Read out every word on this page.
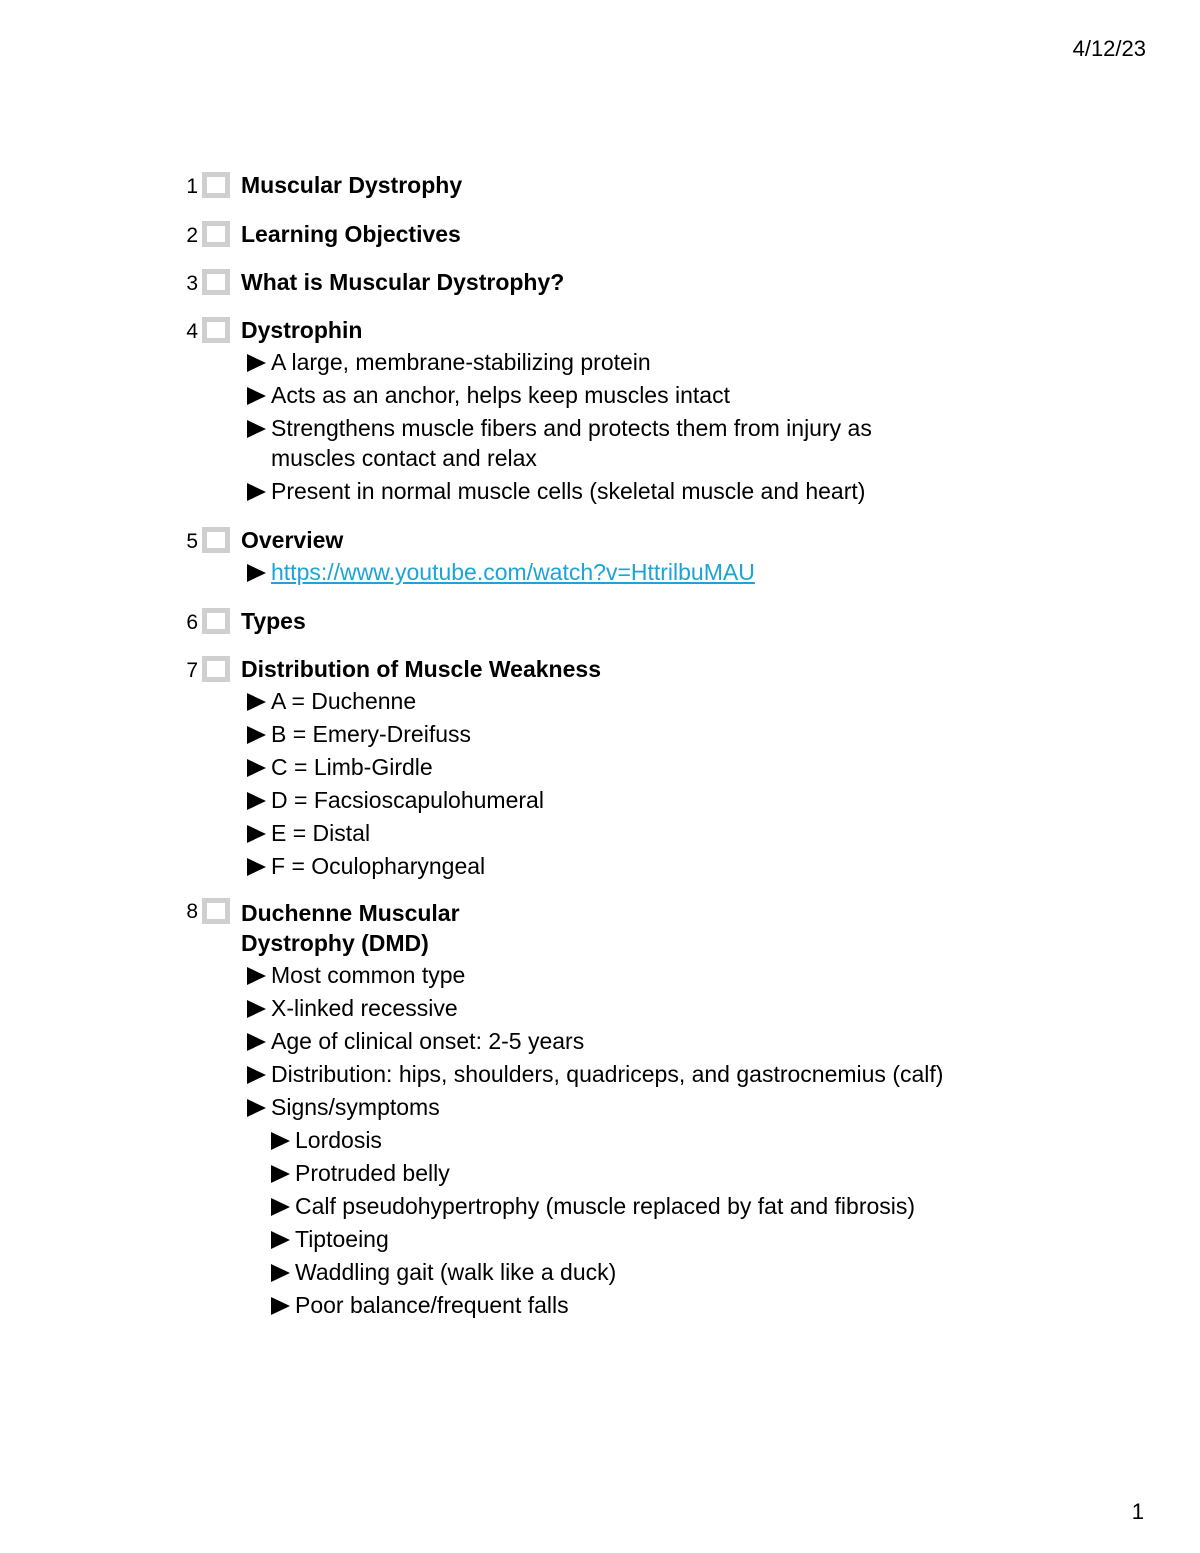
4/12/23
1 Muscular Dystrophy
2 Learning Objectives
3 What is Muscular Dystrophy?
4 Dystrophin
A large, membrane-stabilizing protein
Acts as an anchor, helps keep muscles intact
Strengthens muscle fibers and protects them from injury as muscles contact and relax
Present in normal muscle cells (skeletal muscle and heart)
5 Overview
https://www.youtube.com/watch?v=HttrilbuMAU
6 Types
7 Distribution of Muscle Weakness
A = Duchenne
B = Emery-Dreifuss
C = Limb-Girdle
D = Facsioscapulohumeral
E = Distal
F = Oculopharyngeal
8 Duchenne Muscular
Dystrophy (DMD)
Most common type
X-linked recessive
Age of clinical onset: 2-5 years
Distribution: hips, shoulders, quadriceps, and gastrocnemius (calf)
Signs/symptoms
Lordosis
Protruded belly
Calf pseudohypertrophy (muscle replaced by fat and fibrosis)
Tiptoeing
Waddling gait (walk like a duck)
Poor balance/frequent falls
1
